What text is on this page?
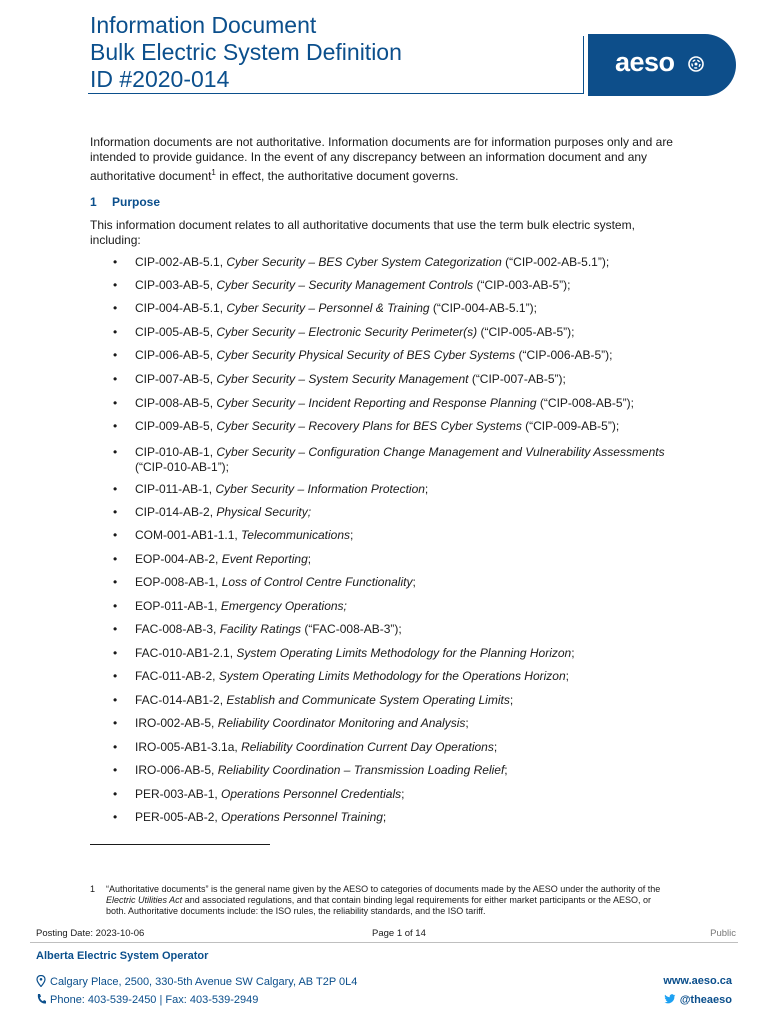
Information Document
Bulk Electric System Definition
ID #2020-014
aeso
Information documents are not authoritative. Information documents are for information purposes only and are intended to provide guidance. In the event of any discrepancy between an information document and any authoritative document$^1$ in effect, the authoritative document governs.
1 Purpose
This information document relates to all authoritative documents that use the term bulk electric system, including:
• CIP-002-AB-5.1, Cyber Security – BES Cyber System Categorization (“CIP-002-AB-5.1”);
• CIP-003-AB-5, Cyber Security – Security Management Controls (“CIP-003-AB-5”);
• CIP-004-AB-5.1, Cyber Security – Personnel & Training (“CIP-004-AB-5.1”);
• CIP-005-AB-5, Cyber Security – Electronic Security Perimeter(s) (“CIP-005-AB-5”);
• CIP-006-AB-5, Cyber Security Physical Security of BES Cyber Systems (“CIP-006-AB-5”);
• CIP-007-AB-5, Cyber Security – System Security Management (“CIP-007-AB-5”);
• CIP-008-AB-5, Cyber Security – Incident Reporting and Response Planning (“CIP-008-AB-5”);
• CIP-009-AB-5, Cyber Security – Recovery Plans for BES Cyber Systems (“CIP-009-AB-5”);
• CIP-010-AB-1, Cyber Security – Configuration Change Management and Vulnerability Assessments (“CIP-010-AB-1”);
• CIP-011-AB-1, Cyber Security – Information Protection;
• CIP-014-AB-2, Physical Security;
• COM-001-AB1-1.1, Telecommunications;
• EOP-004-AB-2, Event Reporting;
• EOP-008-AB-1, Loss of Control Centre Functionality;
• EOP-011-AB-1, Emergency Operations;
• FAC-008-AB-3, Facility Ratings (“FAC-008-AB-3”);
• FAC-010-AB1-2.1, System Operating Limits Methodology for the Planning Horizon;
• FAC-011-AB-2, System Operating Limits Methodology for the Operations Horizon;
• FAC-014-AB1-2, Establish and Communicate System Operating Limits;
• IRO-002-AB-5, Reliability Coordinator Monitoring and Analysis;
• IRO-005-AB1-3.1a, Reliability Coordination Current Day Operations;
• IRO-006-AB-5, Reliability Coordination – Transmission Loading Relief;
• PER-003-AB-1, Operations Personnel Credentials;
• PER-005-AB-2, Operations Personnel Training;
1	“Authoritative documents” is the general name given by the AESO to categories of documents made by the AESO under the authority of the Electric Utilities Act and associated regulations, and that contain binding legal requirements for either market participants or the AESO, or both. Authoritative documents include: the ISO rules, the reliability standards, and the ISO tariff.
Posting Date: 2023-10-06	Page 1 of 14	Public
Alberta Electric System Operator
Calgary Place, 2500, 330-5th Avenue SW Calgary, AB T2P 0L4
Phone: 403-539-2450 | Fax: 403-539-2949
www.aeso.ca
@theaeso
